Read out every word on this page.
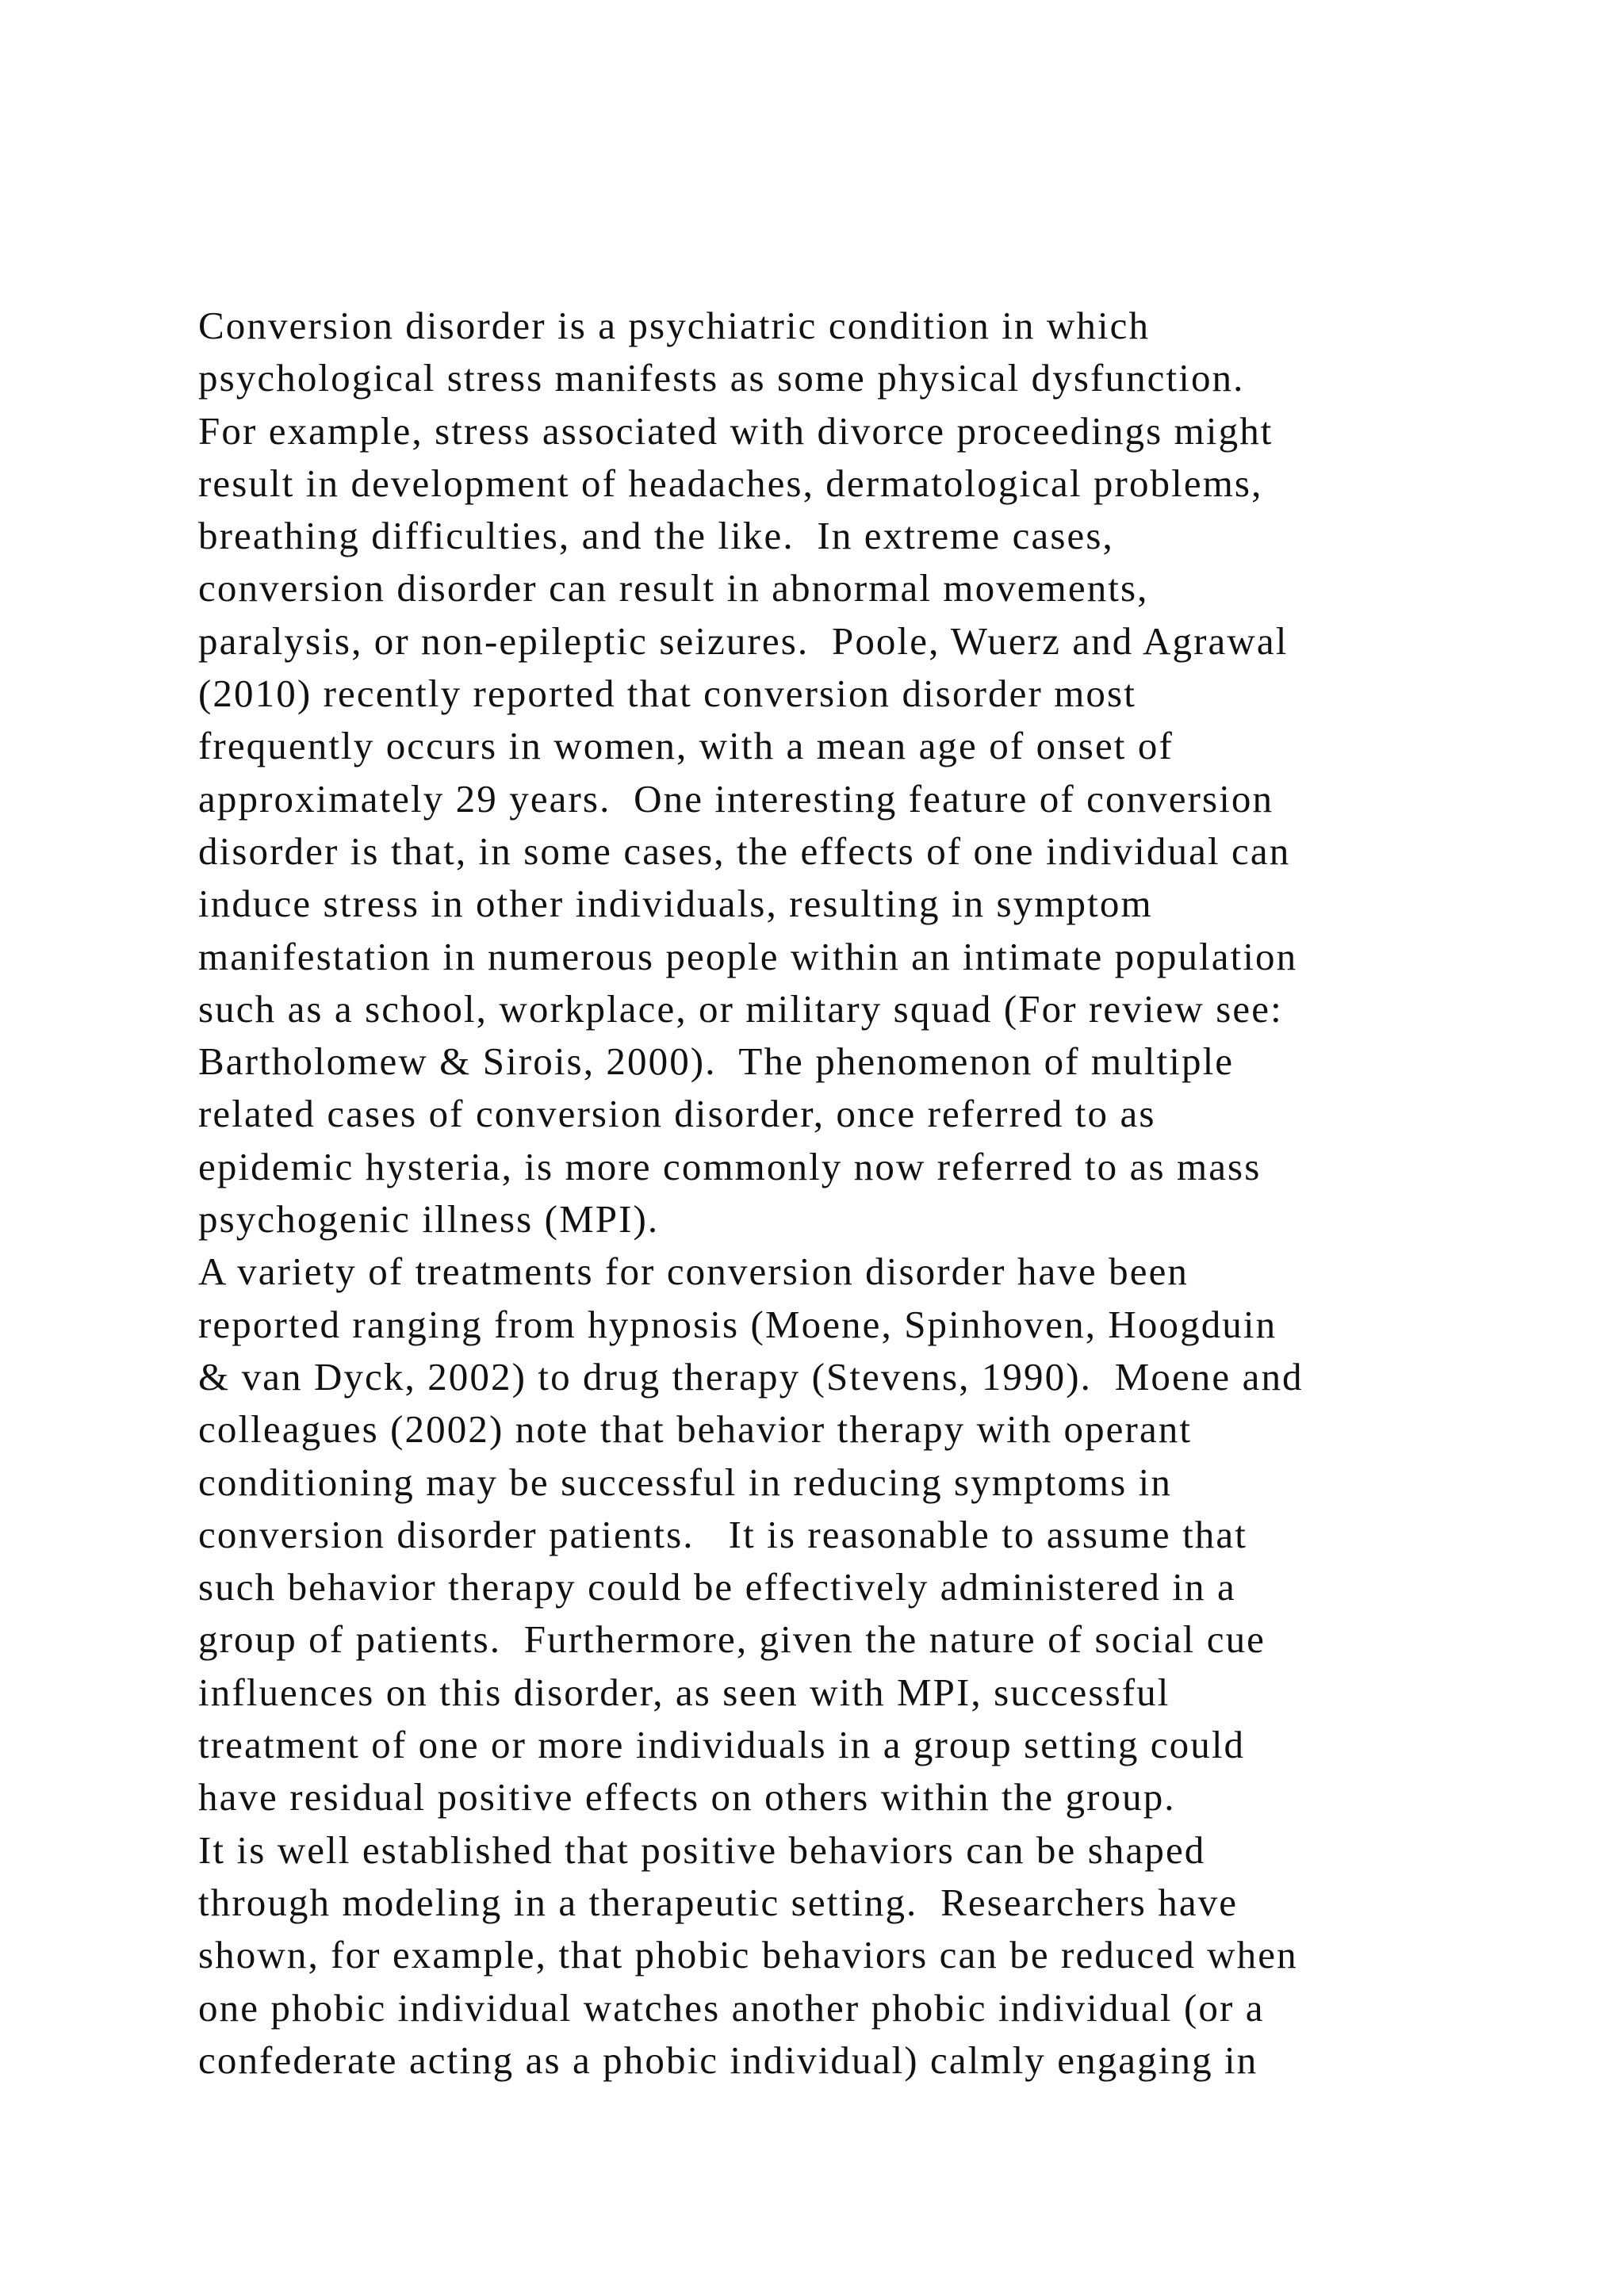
Conversion disorder is a psychiatric condition in which
psychological stress manifests as some physical dysfunction.
For example, stress associated with divorce proceedings might
result in development of headaches, dermatological problems,
breathing difficulties, and the like.  In extreme cases,
conversion disorder can result in abnormal movements,
paralysis, or non-epileptic seizures.  Poole, Wuerz and Agrawal
(2010) recently reported that conversion disorder most
frequently occurs in women, with a mean age of onset of
approximately 29 years.  One interesting feature of conversion
disorder is that, in some cases, the effects of one individual can
induce stress in other individuals, resulting in symptom
manifestation in numerous people within an intimate population
such as a school, workplace, or military squad (For review see:
Bartholomew & Sirois, 2000).  The phenomenon of multiple
related cases of conversion disorder, once referred to as
epidemic hysteria, is more commonly now referred to as mass
psychogenic illness (MPI).
A variety of treatments for conversion disorder have been
reported ranging from hypnosis (Moene, Spinhoven, Hoogduin
& van Dyck, 2002) to drug therapy (Stevens, 1990).  Moene and
colleagues (2002) note that behavior therapy with operant
conditioning may be successful in reducing symptoms in
conversion disorder patients.   It is reasonable to assume that
such behavior therapy could be effectively administered in a
group of patients.  Furthermore, given the nature of social cue
influences on this disorder, as seen with MPI, successful
treatment of one or more individuals in a group setting could
have residual positive effects on others within the group.
It is well established that positive behaviors can be shaped
through modeling in a therapeutic setting.  Researchers have
shown, for example, that phobic behaviors can be reduced when
one phobic individual watches another phobic individual (or a
confederate acting as a phobic individual) calmly engaging in
